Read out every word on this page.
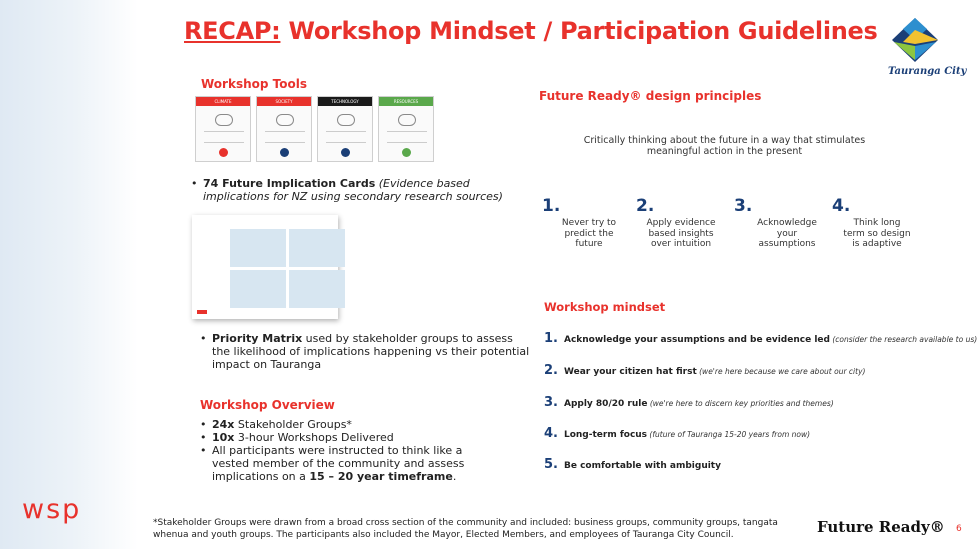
RECAP: Workshop Mindset / Participation Guidelines
Tauranga City
Workshop Tools
CLIMATE	SOCIETY	TECHNOLOGY	RESOURCES
• 74 Future Implication Cards (Evidence based implications for NZ using secondary research sources)
• Priority Matrix used by stakeholder groups to assess the likelihood of implications happening vs their potential impact on Tauranga
Workshop Overview
• 24x Stakeholder Groups*
• 10x 3-hour Workshops Delivered
• All participants were instructed to think like a vested member of the community and assess implications on a 15 – 20 year timeframe.
Future Ready® design principles
Critically thinking about the future in a way that stimulates meaningful action in the present
1.
Never try to predict the future
2.
Apply evidence based insights over intuition
3.
Acknowledge your assumptions
4.
Think long term so design is adaptive
Workshop mindset
1. Acknowledge your assumptions and be evidence led (consider the research available to us)
2. Wear your citizen hat first (we're here because we care about our city)
3. Apply 80/20 rule (we're here to discern key priorities and themes)
4. Long-term focus (future of Tauranga 15-20 years from now)
5. Be comfortable with ambiguity
wsp	*Stakeholder Groups were drawn from a broad cross section of the community and included: business groups, community groups, tangata whenua and youth groups. The participants also included the Mayor, Elected Members, and employees of Tauranga City Council.	Future Ready® 6
